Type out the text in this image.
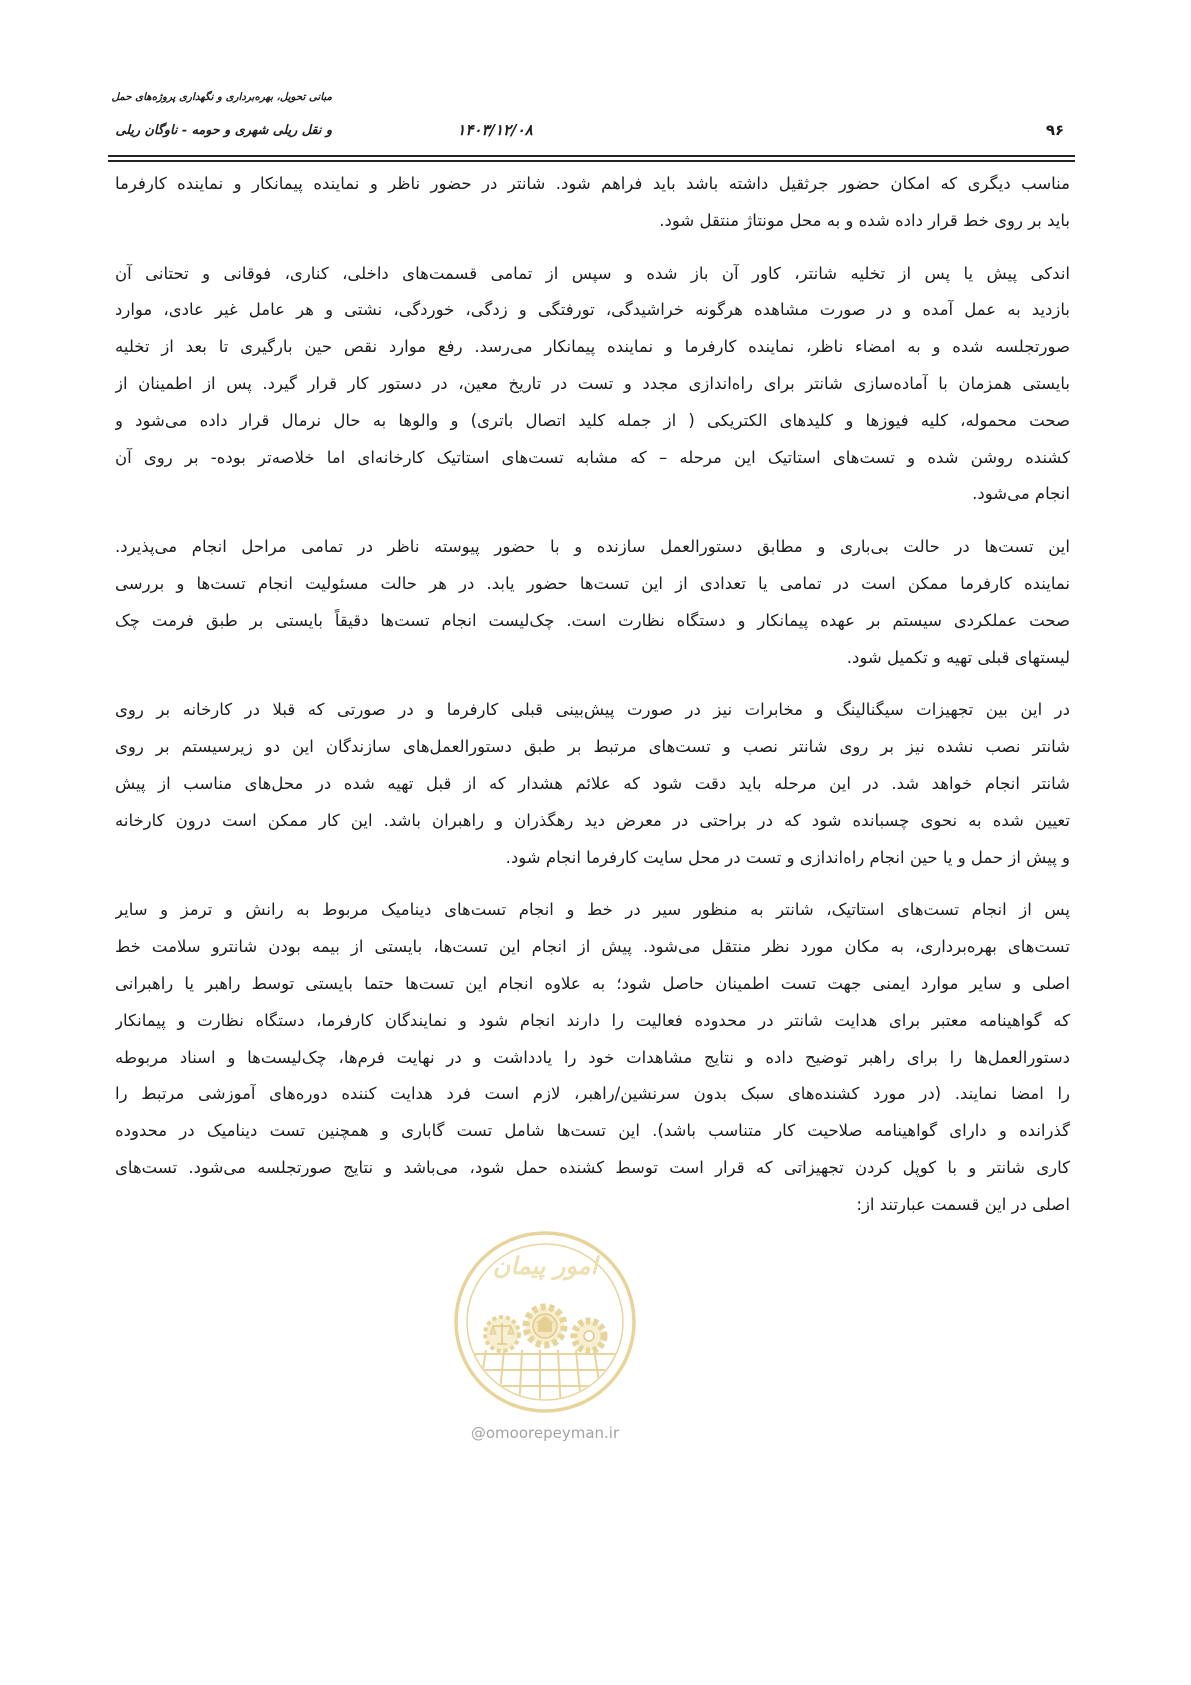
مبانی تحویل، بهره‌برداری و نگهداری پروژه‌های حمل
و نقل ریلی شهری و حومه - ناوگان ریلی	۱۴۰۳/۱۲/۰۸	۹۶
امور پیمان
@omoorepeyman.ir
مناسب دیگری که امکان حضور جرثقیل داشته باشد باید فراهم شود. شانتر در حضور ناظر و نماینده پیمانکار و نماینده کارفرما
باید بر روی خط قرار داده شده و به محل مونتاژ منتقل شود.
اندکی پیش یا پس از تخلیه شانتر، کاور آن باز شده و سپس از تمامی قسمت‌های داخلی، کناری، فوقانی و تحتانی آن
بازدید به عمل آمده و در صورت مشاهده هرگونه خراشیدگی، تورفتگی و زدگی، خوردگی، نشتی و هر عامل غیر عادی، موارد
صورتجلسه شده و به امضاء ناظر، نماینده کارفرما و نماینده پیمانکار می‌رسد. رفع موارد نقص حین بارگیری تا بعد از تخلیه
بایستی همزمان با آماده‌سازی شانتر برای راه‌اندازی مجدد و تست در تاریخ معین، در دستور کار قرار گیرد. پس از اطمینان از
صحت محموله، کلیه فیوزها و کلیدهای الکتریکی ( از جمله کلید اتصال باتری) و والوها به حال نرمال قرار داده می‌شود و
کشنده روشن شده و تست‌های استاتیک این مرحله – که مشابه تست‌های استاتیک کارخانه‌ای اما خلاصه‌تر بوده- بر روی آن
انجام می‌شود.
این تست‌ها در حالت بی‌باری و مطابق دستورالعمل سازنده و با حضور پیوسته ناظر در تمامی مراحل انجام می‌پذیرد.
نماینده کارفرما ممکن است در تمامی یا تعدادی از این تست‌ها حضور یابد. در هر حالت مسئولیت انجام تست‌ها و بررسی
صحت عملکردی سیستم بر عهده پیمانکار و دستگاه نظارت است. چک‌لیست انجام تست‌ها دقیقاً بایستی بر طبق فرمت چک
لیستهای قبلی تهیه و تکمیل شود.
در این بین تجهیزات سیگنالینگ و مخابرات نیز در صورت پیش‌بینی قبلی کارفرما و در صورتی که قبلا در کارخانه بر روی
شانتر نصب نشده نیز بر روی شانتر نصب و تست‌های مرتبط بر طبق دستورالعمل‌های سازندگان این دو زیرسیستم بر روی
شانتر انجام خواهد شد. در این مرحله باید دقت شود که علائم هشدار که از قبل تهیه شده در محل‌های مناسب از پیش
تعیین شده به نحوی چسبانده شود که در براحتی در معرض دید رهگذران و راهبران باشد. این کار ممکن است درون کارخانه
و پیش از حمل و یا حین انجام راه‌اندازی و تست در محل سایت کارفرما انجام شود.
پس از انجام تست‌های استاتیک، شانتر به منظور سیر در خط و انجام تست‌های دینامیک مربوط به رانش و ترمز و سایر
تست‌های بهره‌برداری، به مکان مورد نظر منتقل می‌شود. پیش از انجام این تست‌ها، بایستی از بیمه بودن شانترو سلامت خط
اصلی و سایر موارد ایمنی جهت تست اطمینان حاصل شود؛ به علاوه انجام این تست‌ها حتما بایستی توسط راهبر یا راهبرانی
که گواهینامه معتبر برای هدایت شانتر در محدوده فعالیت را دارند انجام شود و نمایندگان کارفرما، دستگاه نظارت و پیمانکار
دستورالعمل‌ها را برای راهبر توضیح داده و نتایج مشاهدات خود را یادداشت و در نهایت فرم‌ها، چک‌لیست‌ها و اسناد مربوطه
را امضا نمایند. (در مورد کشنده‌های سبک بدون سرنشین/راهبر، لازم است فرد هدایت کننده دوره‌های آموزشی مرتبط را
گذرانده و دارای گواهینامه صلاحیت کار متناسب باشد). این تست‌ها شامل تست گاباری و همچنین تست دینامیک در محدوده
کاری شانتر و با کوپل کردن تجهیزاتی که قرار است توسط کشنده حمل شود، می‌باشد و نتایج صورتجلسه می‌شود. تست‌های
اصلی در این قسمت عبارتند از:
